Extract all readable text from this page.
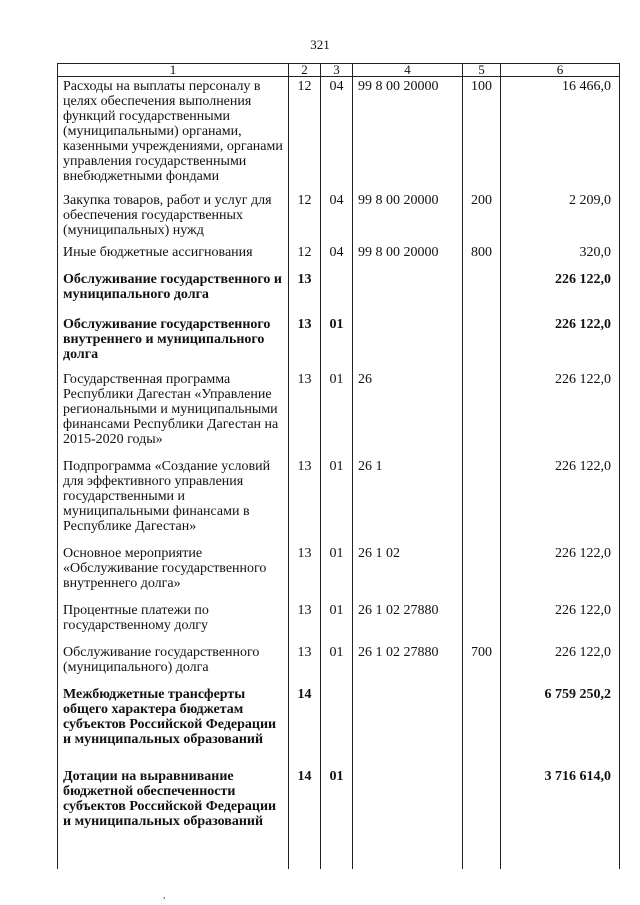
321
1	2	3	4	5	6
Расходы на выплаты персоналу в целях обеспечения выполнения функций государственными (муниципальными) органами, казенными учреждениями, органами управления государственными внебюджетными фондами	12	04	99 8 00 20000	100	16 466,0
Закупка товаров, работ и услуг для обеспечения государственных (муниципальных) нужд	12	04	99 8 00 20000	200	2 209,0
Иные бюджетные ассигнования	12	04	99 8 00 20000	800	320,0
Обслуживание государственного и муниципального долга	13				226 122,0
Обслуживание государственного внутреннего и муниципального долга	13	01			226 122,0
Государственная программа Республики Дагестан «Управление региональными и муниципальными финансами Республики Дагестан на 2015-2020 годы»	13	01	26		226 122,0
Подпрограмма «Создание условий для эффективного управления государственными и муниципальными финансами в Республике Дагестан»	13	01	26 1		226 122,0
Основное мероприятие «Обслуживание государственного внутреннего долга»	13	01	26 1 02		226 122,0
Процентные платежи по государственному долгу	13	01	26 1 02 27880		226 122,0
Обслуживание государственного (муниципального) долга	13	01	26 1 02 27880	700	226 122,0
Межбюджетные трансферты общего характера бюджетам субъектов Российской Федерации и муниципальных образований	14				6 759 250,2
Дотации на выравнивание бюджетной обеспеченности субъектов Российской Федерации и муниципальных образований	14	01			3 716 614,0
,
